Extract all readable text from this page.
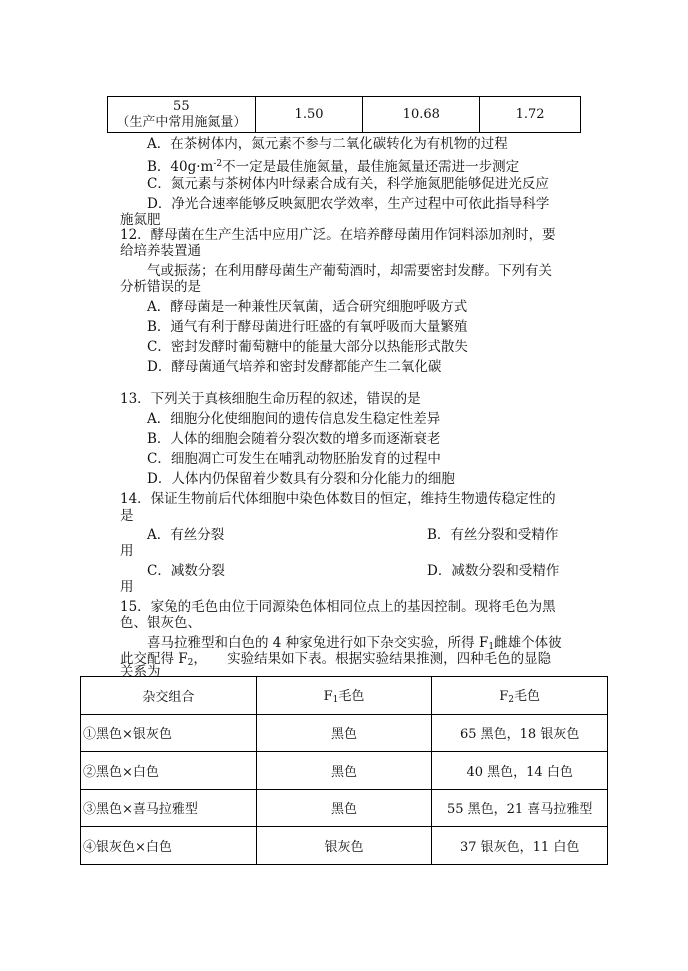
55
（生产中常用施氮量）
	1.50	10.68	1.72
A．在茶树体内，氮元素不参与二氧化碳转化为有机物的过程
B．$40g\cdot m^{-2}$不一定是最佳施氮量，最佳施氮量还需进一步测定
C．氮元素与茶树体内叶绿素合成有关，科学施氮肥能够促进光反应
D．净光合速率能够反映氮肥农学效率，生产过程中可依此指导科学
施氮肥
12．酵母菌在生产生活中应用广泛。在培养酵母菌用作饲料添加剂时，要
给培养装置通
气或振荡；在利用酵母菌生产葡萄酒时，却需要密封发酵。下列有关
分析错误的是
A．酵母菌是一种兼性厌氧菌，适合研究细胞呼吸方式
B．通气有利于酵母菌进行旺盛的有氧呼吸而大量繁殖
C．密封发酵时葡萄糖中的能量大部分以热能形式散失
D．酵母菌通气培养和密封发酵都能产生二氧化碳
13．下列关于真核细胞生命历程的叙述，错误的是
A．细胞分化使细胞间的遗传信息发生稳定性差异
B．人体的细胞会随着分裂次数的增多而逐渐衰老
C．细胞凋亡可发生在哺乳动物胚胎发育的过程中
D．人体内仍保留着少数具有分裂和分化能力的细胞
14．保证生物前后代体细胞中染色体数目的恒定，维持生物遗传稳定性的
是
A．有丝分裂	B．有丝分裂和受精作
用
C．减数分裂	D．减数分裂和受精作
用
15．家兔的毛色由位于同源染色体相同位点上的基因控制。现将毛色为黑
色、银灰色、
喜马拉雅型和白色的 4 种家兔进行如下杂交实验，所得 $F_1$雌雄个体彼
此交配得 $F_2$，　　实验结果如下表。根据实验结果推测，四种毛色的显隐
关系为
杂交组合	$F_1$毛色	$F_2$毛色
①黑色×银灰色	黑色	65 黑色，18 银灰色
②黑色×白色	黑色	40 黑色，14 白色
③黑色×喜马拉雅型	黑色	55 黑色，21 喜马拉雅型
④银灰色×白色	银灰色	37 银灰色，11 白色
